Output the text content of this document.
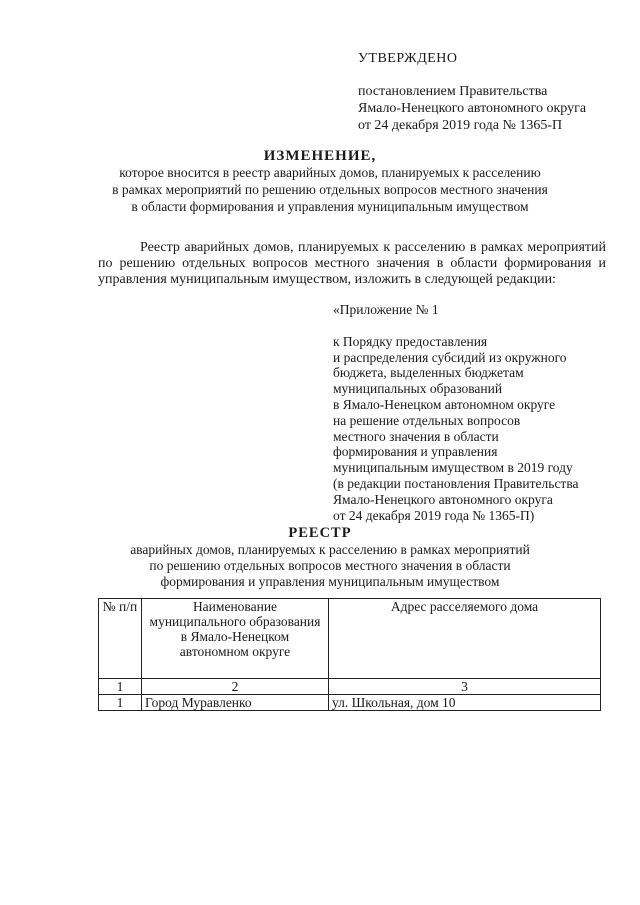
УТВЕРЖДЕНО
постановлением Правительства
Ямало-Ненецкого автономного округа
от 24 декабря 2019 года № 1365-П
ИЗМЕНЕНИЕ,
которое вносится в реестр аварийных домов, планируемых к расселению
в рамках мероприятий по решению отдельных вопросов местного значения
в области формирования и управления муниципальным имуществом
Реестр аварийных домов, планируемых к расселению в рамках мероприятий по решению отдельных вопросов местного значения в области формирования и управления муниципальным имуществом, изложить в следующей редакции:
«Приложение № 1
к Порядку предоставления
и распределения субсидий из окружного
бюджета, выделенных бюджетам
муниципальных образований
в Ямало-Ненецком автономном округе
на решение отдельных вопросов
местного значения в области
формирования и управления
муниципальным имуществом в 2019 году
(в редакции постановления Правительства
Ямало-Ненецкого автономного округа
от 24 декабря 2019 года № 1365-П)
РЕЕСТР
аварийных домов, планируемых к расселению в рамках мероприятий
по решению отдельных вопросов местного значения в области
формирования и управления муниципальным имуществом
№ п/п	Наименование муниципального образования в Ямало-Ненецком автономном округе	Адрес расселяемого дома
1	2	3
1	Город Муравленко	ул. Школьная, дом 10
